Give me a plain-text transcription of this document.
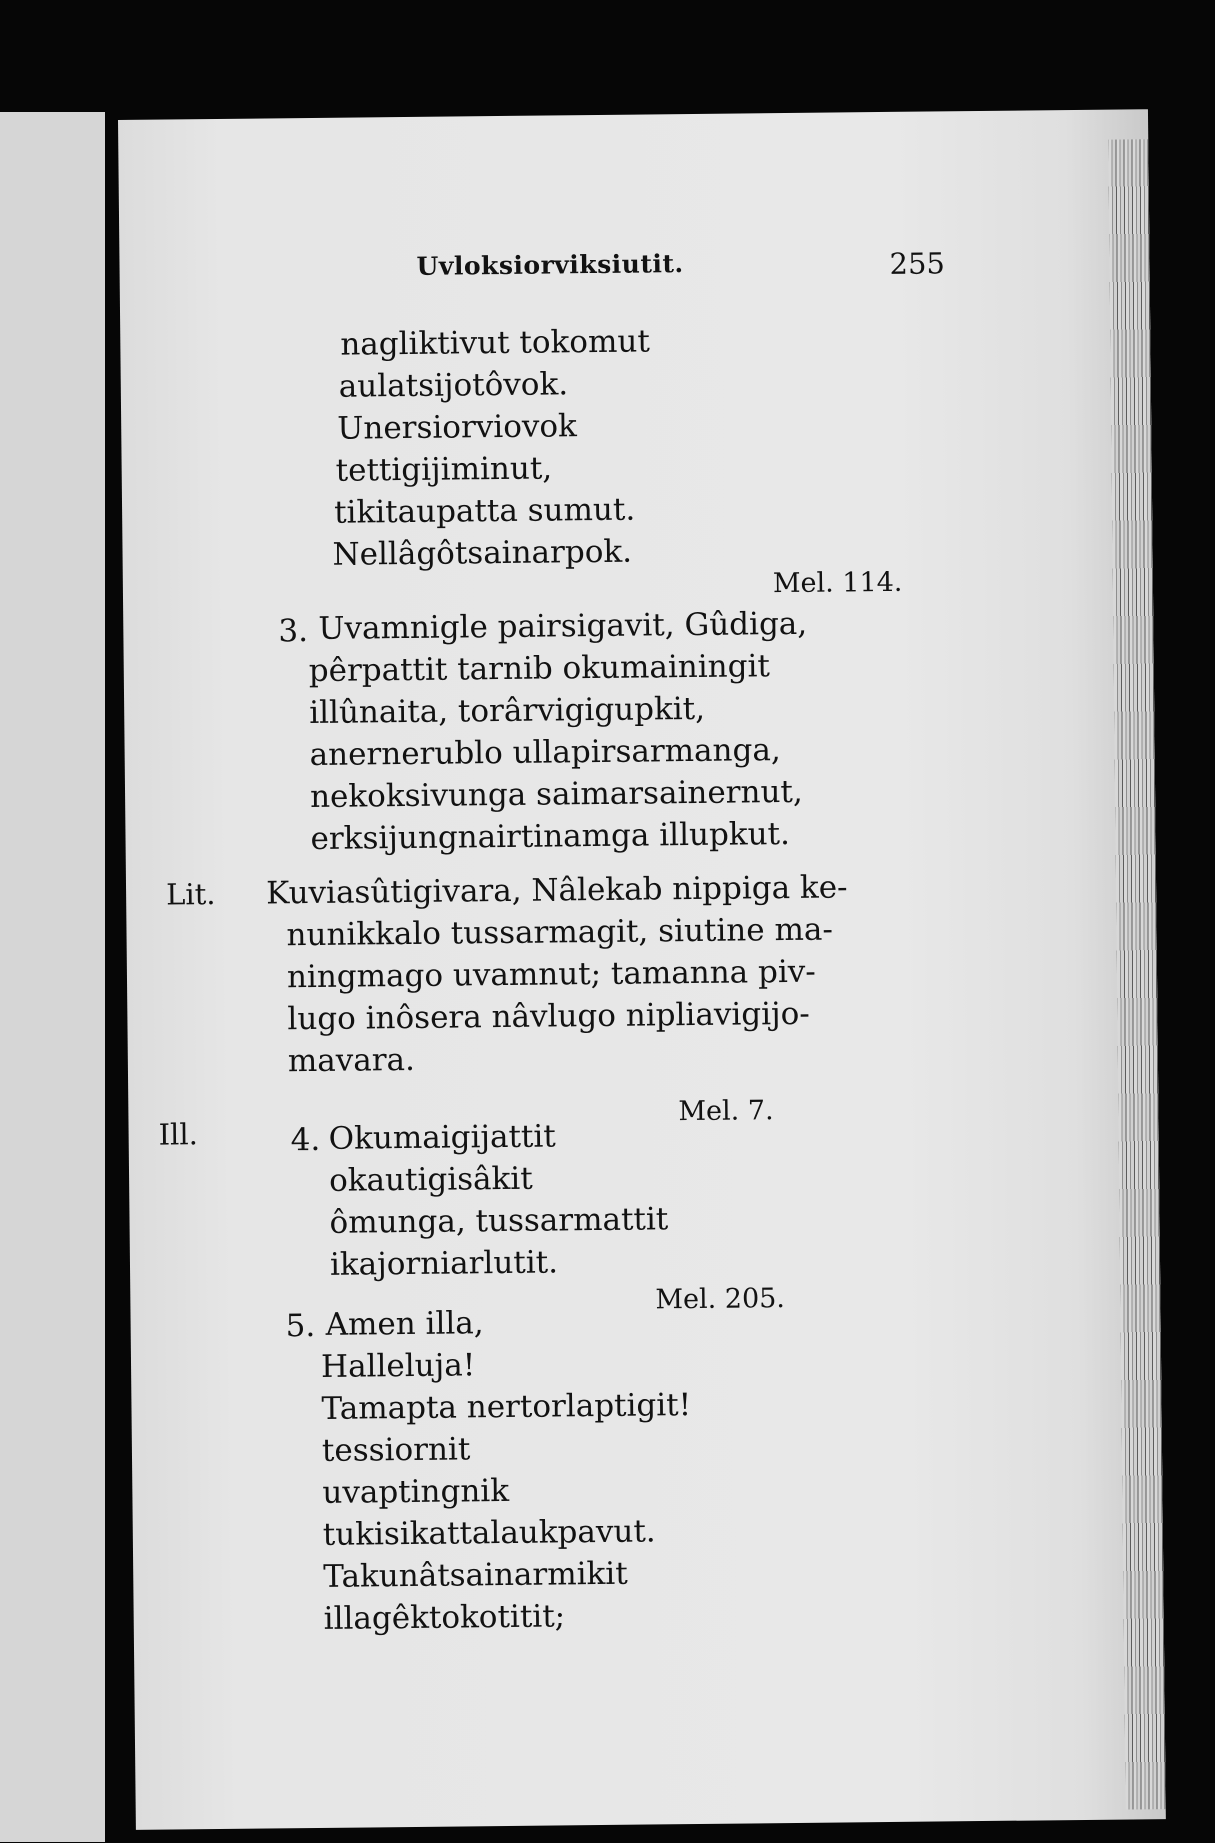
Uvloksiorviksiutit.	255
nagliktivut tokomut
aulatsijotôvok.
Unersiorviovok
tettigijiminut,
tikitaupatta sumut.
Nellâgôtsainarpok.
Mel. 114.
3. Uvamnigle pairsigavit, Gûdiga,
pêrpattit tarnib okumainingit
illûnaita, torârvigigupkit,
anernerublo ullapirsarmanga,
nekoksivunga saimarsainernut,
erksijungnairtinamga illupkut.
Lit. Kuviasûtigivara, Nâlekab nippiga ke-
nunikkalo tussarmagit, siutine ma-
ningmago uvamnut; tamanna piv-
lugo inôsera nâvlugo nipliavigijo-
mavara.
Ill.
Mel. 7.
4. Okumaigijattit
okautigisâkit
ômunga, tussarmattit
ikajorniarlutit.
Mel. 205.
5. Amen illa,
Halleluja!
Tamapta nertorlaptigit!
tessiornit
uvaptingnik
tukisikattalaukpavut.
Takunâtsainarmikit
illagêktokotitit;
